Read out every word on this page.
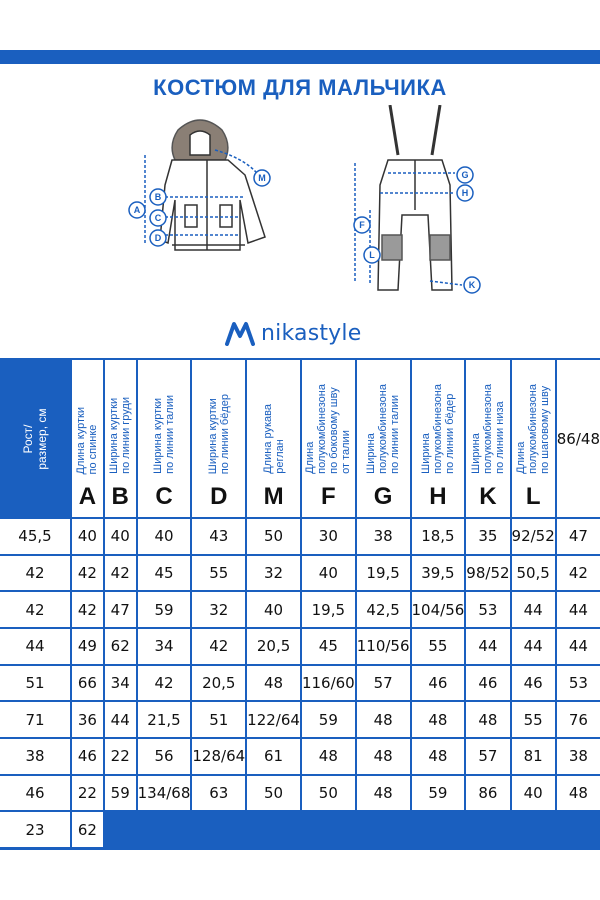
КОСТЮМ ДЛЯ МАЛЬЧИКА
A
B
C
D
M
F
G
H
K
L
nikastyle
Рост/
размер, см Длина куртки
по спинке
A
Ширина куртки
по линии груди
B
Ширина куртки
по линии талии
C
Ширина куртки
по линии бёдер
D
Длина рукава
реглан
M
Длина
полукомбинезона
по боковому шву
от талии
F
Ширина
полукомбинезона
по линии талии
G
Ширина
полукомбинезона
по линии бёдер
H
Ширина
полукомбинезона
по линии низа
K
Длина
полукомбинезона
по шаговому шву
L
86/48
45,5	40 40	40	43	50	30	38	18,5	35 92/52 47
42	42 42	45	55	32	40	19,5	39,5 98/52 50,5	42
42	42 47	59	32	40	19,5	42,5 104/56 53	44	44
44	49 62	34	42	20,5	45	110/56	55	44	44	44
51	66 34	42	20,5	48	116/60	57	46	46	46	53
71	36 44	21,5	51	122/64	59	48	48	48	55	76
38	46 22	56	128/64	61	48	48	48	57	81	38
46	22 59 134/68	63	50	50	48	59	86	40	48
23	62
